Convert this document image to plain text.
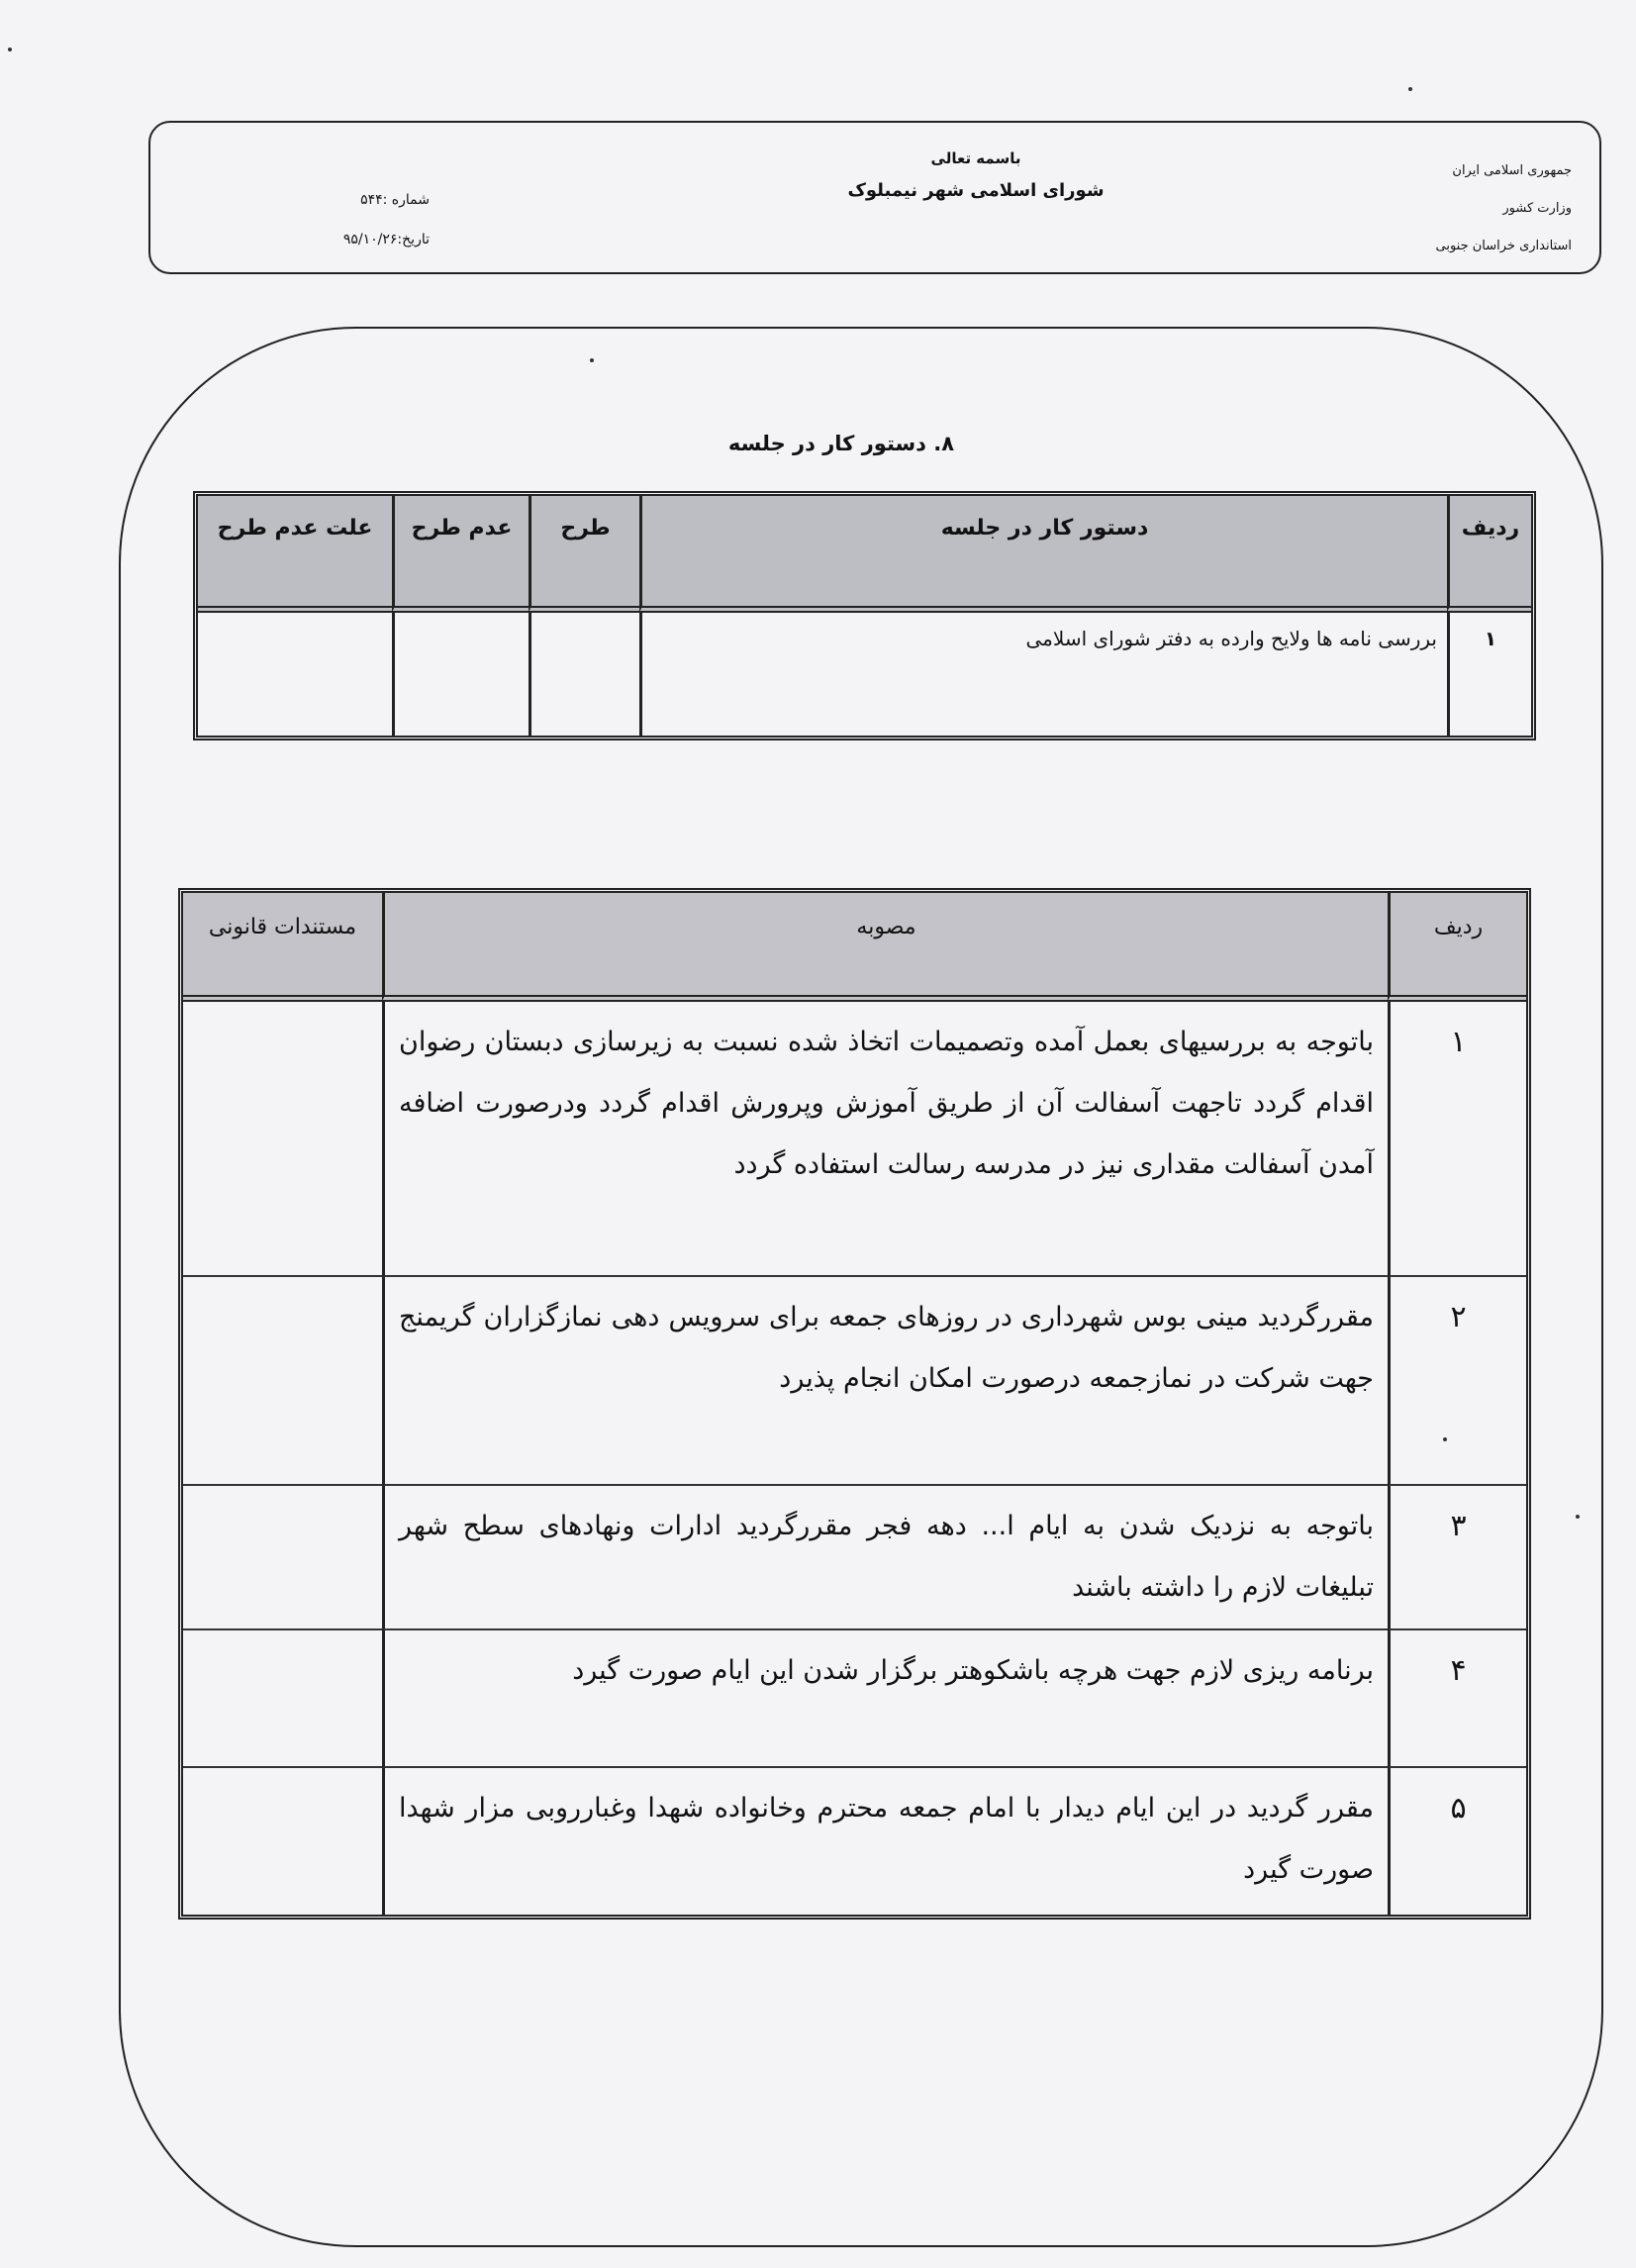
جمهوری اسلامی ایران
وزارت کشور
استانداری خراسان جنوبی
باسمه تعالی
شورای اسلامی شهر نیمبلوک
شماره :۵۴۴
تاریخ:۹۵/۱۰/۲۶
۸. دستور کار در جلسه
ردیف	دستور کار در جلسه	طرح	عدم طرح	علت عدم طرح
۱	بررسی نامه ها ولایح وارده به دفتر شورای اسلامی			
ردیف	مصوبه	مستندات قانونی
۱	باتوجه به بررسیهای بعمل آمده وتصمیمات اتخاذ شده نسبت به زیرسازی دبستان رضوان اقدام گردد تاجهت آسفالت آن از طریق آموزش وپرورش اقدام گردد ودرصورت اضافه آمدن آسفالت مقداری نیز در مدرسه رسالت استفاده گردد	
۲	مقررگردید مینی بوس شهرداری در روزهای جمعه برای سرویس دهی نمازگزاران گریمنج جهت شرکت در نمازجمعه درصورت امکان انجام پذیرد	
۳	باتوجه به نزدیک شدن به ایام ا... دهه فجر مقررگردید ادارات ونهادهای سطح شهر تبلیغات لازم را داشته باشند	
۴	برنامه ریزی لازم جهت هرچه باشکوهتر برگزار شدن این ایام صورت گیرد	
۵	مقرر گردید در این ایام دیدار با امام جمعه محترم وخانواده شهدا وغبارروبی مزار شهدا صورت گیرد	
